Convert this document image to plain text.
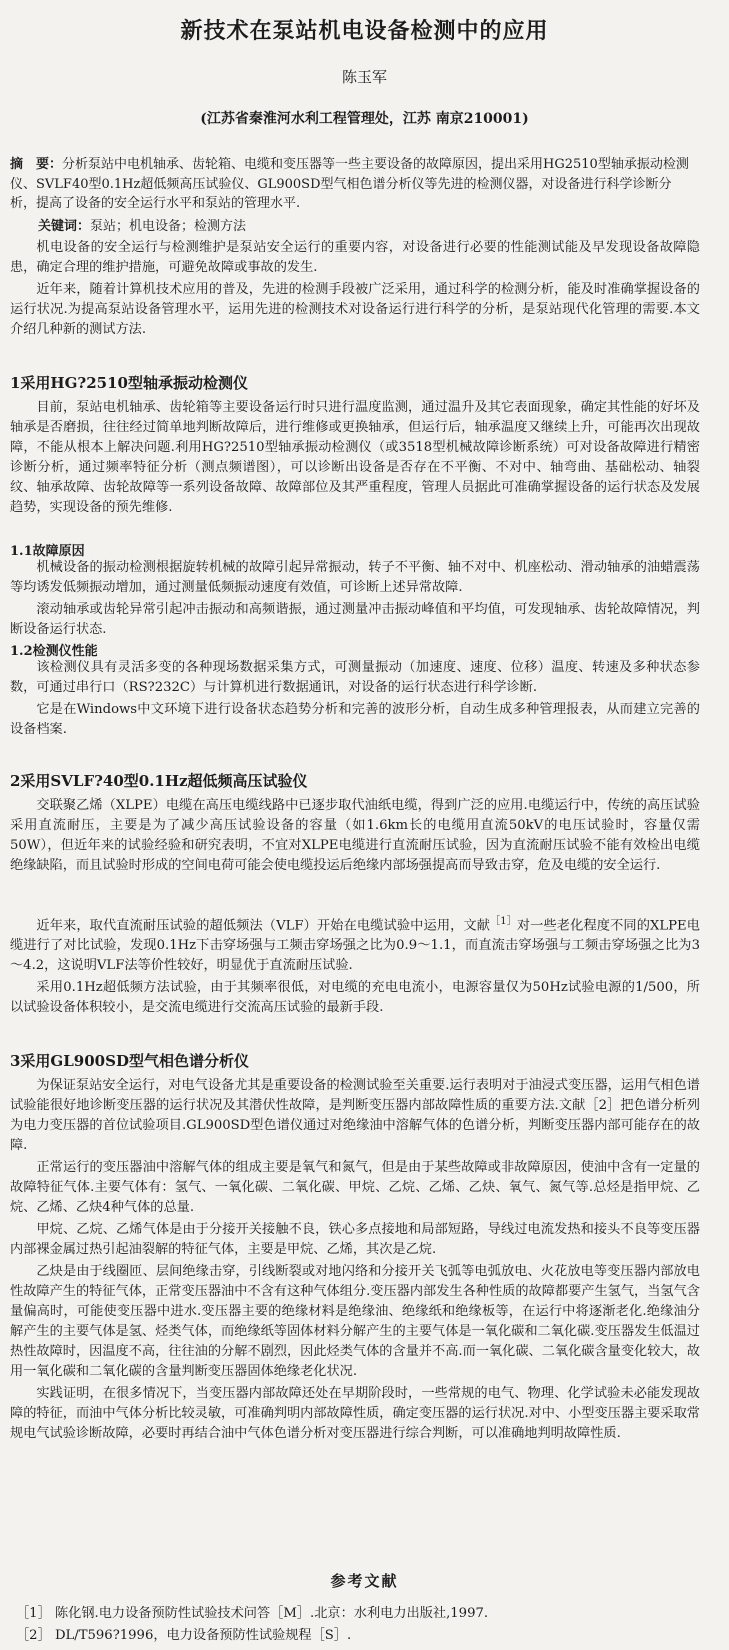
新技术在泵站机电设备检测中的应用
陈玉军
(江苏省秦淮河水利工程管理处，江苏 南京210001)
摘　要：分析泵站中电机轴承、齿轮箱、电缆和变压器等一些主要设备的故障原因，提出采用HG2510型轴承振动检测仪、SVLF40型0.1Hz超低频高压试验仪、GL900SD型气相色谱分析仪等先进的检测仪器，对设备进行科学诊断分析，提高了设备的安全运行水平和泵站的管理水平.
关键词：泵站；机电设备；检测方法

机电设备的安全运行与检测维护是泵站安全运行的重要内容，对设备进行必要的性能测试能及早发现设备故障隐患，确定合理的维护措施，可避免故障或事故的发生.

近年来，随着计算机技术应用的普及，先进的检测手段被广泛采用，通过科学的检测分析，能及时准确掌握设备的运行状况.为提高泵站设备管理水平，运用先进的检测技术对设备运行进行科学的分析，是泵站现代化管理的需要.本文介绍几种新的测试方法.

1采用HG?2510型轴承振动检测仪

目前，泵站电机轴承、齿轮箱等主要设备运行时只进行温度监测，通过温升及其它表面现象，确定其性能的好坏及轴承是否磨损，往往经过简单地判断故障后，进行维修或更换轴承，但运行后，轴承温度又继续上升，可能再次出现故障，不能从根本上解决问题.利用HG?2510型轴承振动检测仪（或3518型机械故障诊断系统）可对设备故障进行精密诊断分析，通过频率特征分析（测点频谱图），可以诊断出设备是否存在不平衡、不对中、轴弯曲、基础松动、轴裂纹、轴承故障、齿轮故障等一系列设备故障、故障部位及其严重程度，管理人员据此可准确掌握设备的运行状态及发展趋势，实现设备的预先维修.

1.1故障原因

机械设备的振动检测根据旋转机械的故障引起异常振动，转子不平衡、轴不对中、机座松动、滑动轴承的油蜡震荡等均诱发低频振动增加，通过测量低频振动速度有效值，可诊断上述异常故障.

滚动轴承或齿轮异常引起冲击振动和高频谐振，通过测量冲击振动峰值和平均值，可发现轴承、齿轮故障情况，判断设备运行状态.

1.2检测仪性能

该检测仪具有灵活多变的各种现场数据采集方式，可测量振动（加速度、速度、位移）温度、转速及多种状态参数，可通过串行口（RS?232C）与计算机进行数据通讯，对设备的运行状态进行科学诊断.

它是在Windows中文环境下进行设备状态趋势分析和完善的波形分析，自动生成多种管理报表，从而建立完善的设备档案.

2采用SVLF?40型0.1Hz超低频高压试验仪

交联聚乙烯（XLPE）电缆在高压电缆线路中已逐步取代油纸电缆，得到广泛的应用.电缆运行中，传统的高压试验采用直流耐压，主要是为了减少高压试验设备的容量（如1.6km长的电缆用直流50kV的电压试验时，容量仅需50W），但近年来的试验经验和研究表明，不宜对XLPE电缆进行直流耐压试验，因为直流耐压试验不能有效检出电缆绝缘缺陷，而且试验时形成的空间电荷可能会使电缆投运后绝缘内部场强提高而导致击穿，危及电缆的安全运行.

近年来，取代直流耐压试验的超低频法（VLF）开始在电缆试验中运用，文献$^{[1]}$对一些老化程度不同的XLPE电缆进行了对比试验，发现0.1Hz下击穿场强与工频击穿场强之比为0.9～1.1，而直流击穿场强与工频击穿场强之比为3～4.2，这说明VLF法等价性较好，明显优于直流耐压试验.

采用0.1Hz超低频方法试验，由于其频率很低，对电缆的充电电流小，电源容量仅为50Hz试验电源的1/500，所以试验设备体积较小，是交流电缆进行交流高压试验的最新手段.

3采用GL900SD型气相色谱分析仪

为保证泵站安全运行，对电气设备尤其是重要设备的检测试验至关重要.运行表明对于油浸式变压器，运用气相色谱试验能很好地诊断变压器的运行状况及其潜伏性故障，是判断变压器内部故障性质的重要方法.文献［2］把色谱分析列为电力变压器的首位试验项目.GL900SD型色谱仪通过对绝缘油中溶解气体的色谱分析，判断变压器内部可能存在的故障.

正常运行的变压器油中溶解气体的组成主要是氧气和氮气，但是由于某些故障或非故障原因，使油中含有一定量的故障特征气体.主要气体有：氢气、一氧化碳、二氧化碳、甲烷、乙烷、乙烯、乙炔、氧气、氮气等.总烃是指甲烷、乙烷、乙烯、乙炔4种气体的总量.

甲烷、乙烷、乙烯气体是由于分接开关接触不良，铁心多点接地和局部短路，导线过电流发热和接头不良等变压器内部裸金属过热引起油裂解的特征气体，主要是甲烷、乙烯，其次是乙烷.

乙炔是由于线圈匝、层间绝缘击穿，引线断裂或对地闪络和分接开关飞弧等电弧放电、火花放电等变压器内部放电性故障产生的特征气体，正常变压器油中不含有这种气体组分.变压器内部发生各种性质的故障都要产生氢气，当氢气含量偏高时，可能使变压器中进水.变压器主要的绝缘材料是绝缘油、绝缘纸和绝缘板等，在运行中将逐渐老化.绝缘油分解产生的主要气体是氢、烃类气体，而绝缘纸等固体材料分解产生的主要气体是一氧化碳和二氧化碳.变压器发生低温过热性故障时，因温度不高，往往油的分解不剧烈，因此烃类气体的含量并不高.而一氧化碳、二氧化碳含量变化较大，故用一氧化碳和二氧化碳的含量判断变压器固体绝缘老化状况.

实践证明，在很多情况下，当变压器内部故障还处在早期阶段时，一些常规的电气、物理、化学试验未必能发现故障的特征，而油中气体分析比较灵敏，可准确判明内部故障性质，确定变压器的运行状况.对中、小型变压器主要采取常规电气试验诊断故障，必要时再结合油中气体色谱分析对变压器进行综合判断，可以准确地判明故障性质.

参考文献
［1］ 陈化钢.电力设备预防性试验技术问答［M］.北京：水利电力出版社,1997.
［2］ DL/T596?1996，电力设备预防性试验规程［S］.
